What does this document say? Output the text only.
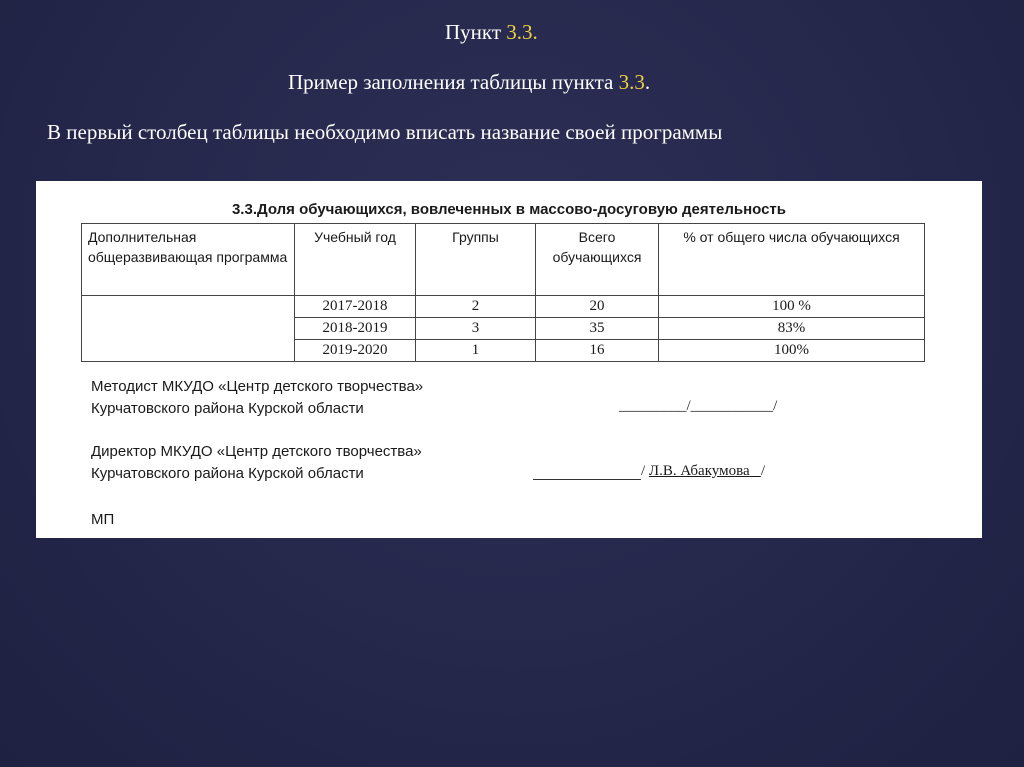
Пункт 3.3.
Пример заполнения таблицы пункта 3.3.
В первый столбец таблицы необходимо вписать название своей программы
3.3.Доля обучающихся, вовлеченных в массово-досуговую деятельность
Дополнительная общеразвивающая программа	Учебный год	Группы	Всего обучающихся	% от общего числа обучающихся
	2017-2018	2	20	100 %
	2018-2019	3	35	83%
	2019-2020	1	16	100%
Методист МКУДО «Центр детского творчества»
Курчатовского района Курской области	_________/___________/
Директор МКУДО «Центр детского творчества»
Курчатовского района Курской области	/ Л.В. Абакумова /
МП
